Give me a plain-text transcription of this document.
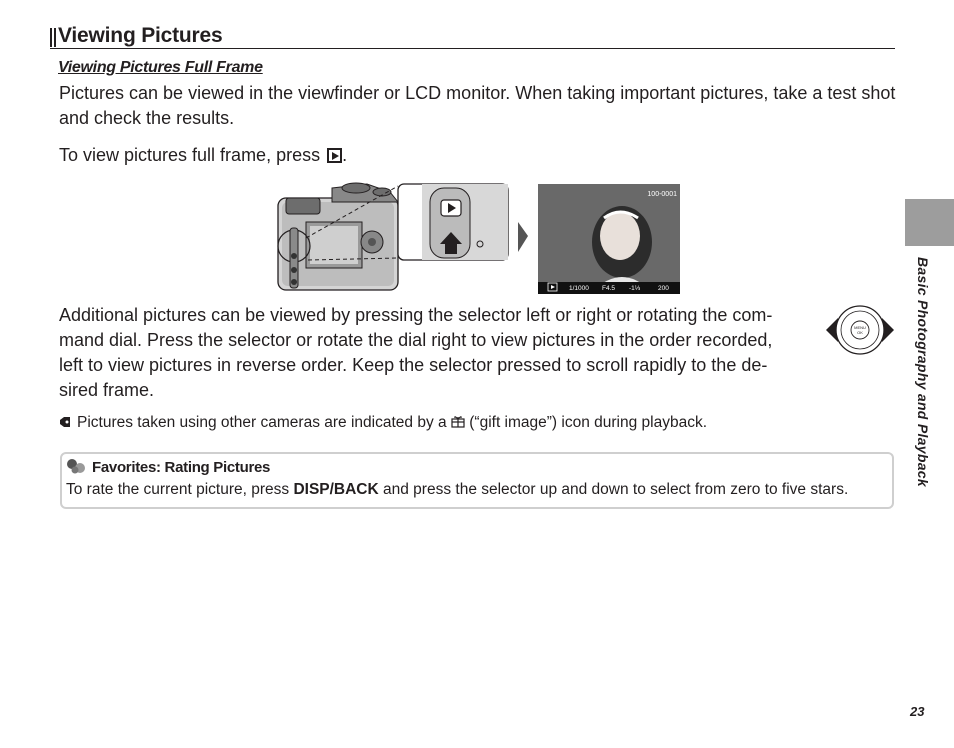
Viewing Pictures
Viewing Pictures Full Frame
Pictures can be viewed in the viewfinder or LCD monitor. When taking important pictures, take a test shot and check the results.
To view pictures full frame, press .
100-0001
1/1000 F4.5 -1⅓	200
Additional pictures can be viewed by pressing the selector left or right or rotating the com-
mand dial. Press the selector or rotate the dial right to view pictures in the order recorded,
left to view pictures in reverse order. Keep the selector pressed to scroll rapidly to the de-
sired frame.
MENU
OK
Pictures taken using other cameras are indicated by a  (“gift image”) icon during playback.
Favorites: Rating Pictures
To rate the current picture, press DISP/BACK and press the selector up and down to select from zero to five stars.
Basic Photography and Playback
23
